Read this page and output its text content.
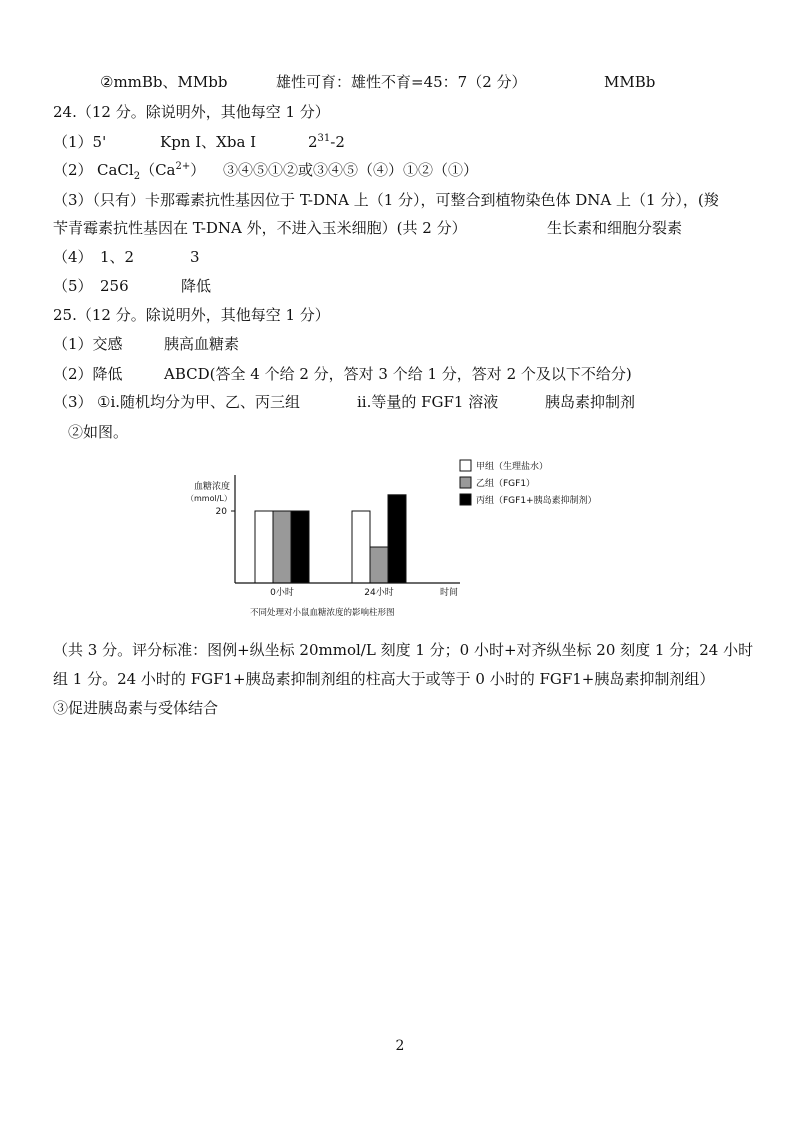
②mmBb、MMbb	雄性可育：雄性不育=45：7（2 分）	MMBb
24.（12 分。除说明外，其他每空 1 分）
（1）5'	Kpn I、Xba I	$2^{31}-2$
（2） $CaCl_2(Ca^{2+})$ ③④⑤①②或③④⑤（④）①②（①）
（3）（只有）卡那霉素抗性基因位于 T-DNA 上（1 分），可整合到植物染色体 DNA 上（1 分），(羧
苄青霉素抗性基因在 T-DNA 外，不进入玉米细胞）(共 2 分）	生长素和细胞分裂素
（4） 1、2	3
（5） 256	降低
25.（12 分。除说明外，其他每空 1 分）
（1）交感	胰高血糖素
（2）降低	ABCD(答全 4 个给 2 分，答对 3 个给 1 分，答对 2 个及以下不给分)
（3） ①i.随机均分为甲、乙、丙三组	ii.等量的 FGF1 溶液	胰岛素抑制剂
②如图。
血糖浓度
（mmol/L）
时间
不同处理对小鼠血糖浓度的影响柱形图
20
0小时	24小时
甲组（生理盐水）
乙组（FGF1）
丙组（FGF1+胰岛素抑制剂）
（共 3 分。评分标准：图例+纵坐标 20mmol/L 刻度 1 分；0 小时+对齐纵坐标 20 刻度 1 分；24 小时
组 1 分。24 小时的 FGF1+胰岛素抑制剂组的柱高大于或等于 0 小时的 FGF1+胰岛素抑制剂组）
③促进胰岛素与受体结合
2
